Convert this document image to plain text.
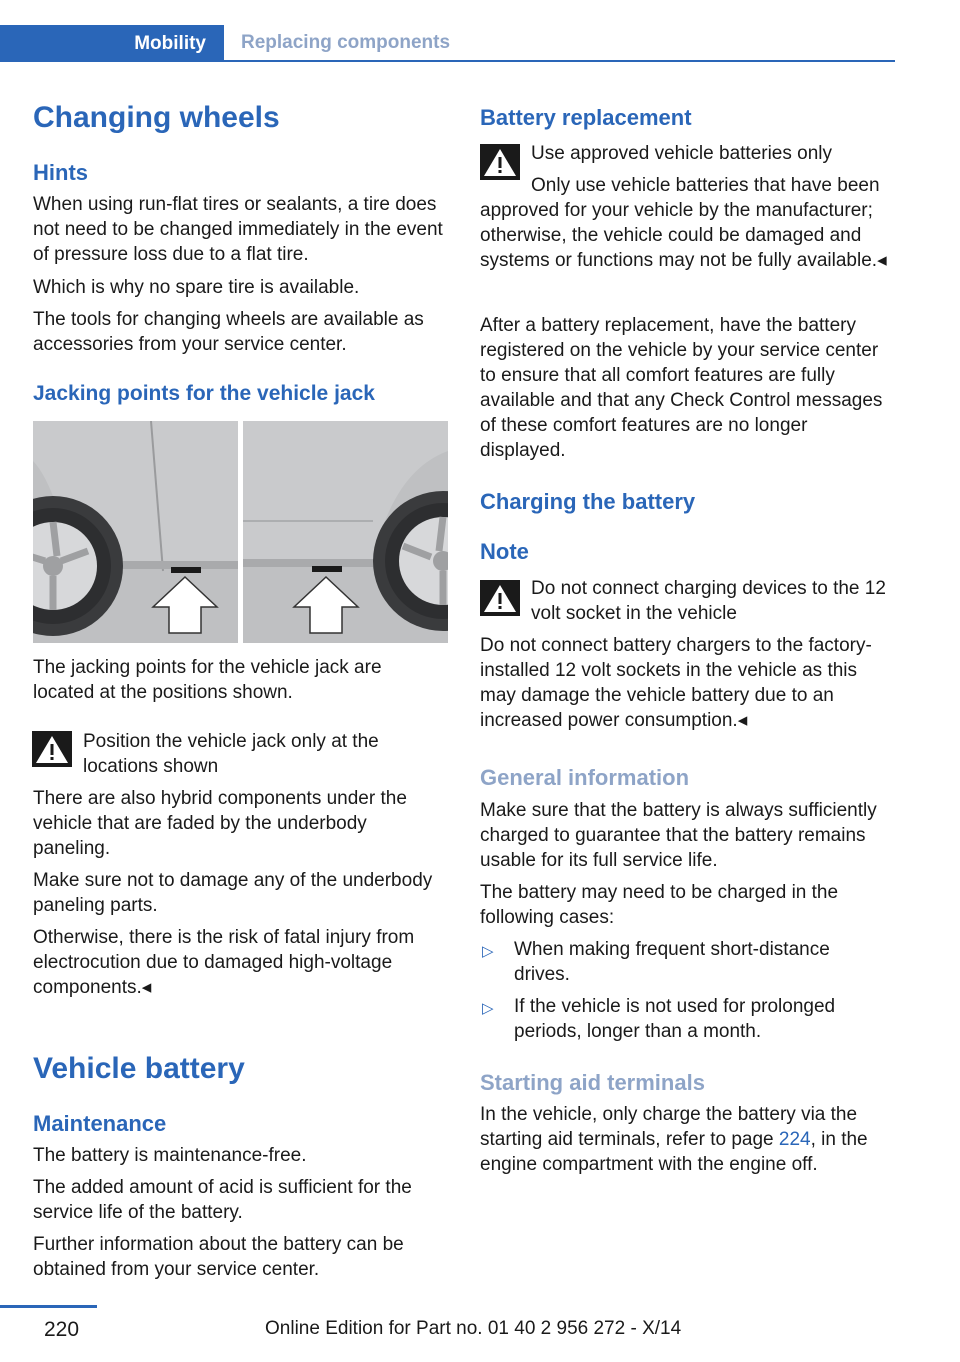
Mobility	Replacing components
Changing wheels
Hints
When using run-flat tires or sealants, a tire does not need to be changed immediately in the event of pressure loss due to a flat tire.
Which is why no spare tire is available.
The tools for changing wheels are available as accessories from your service center.
Jacking points for the vehicle jack
The jacking points for the vehicle jack are located at the positions shown.
Position the vehicle jack only at the locations shown
There are also hybrid components under the vehicle that are faded by the underbody paneling.
Make sure not to damage any of the underbody paneling parts.
Otherwise, there is the risk of fatal injury from electrocution due to damaged high-voltage components.◂
Vehicle battery
Maintenance
The battery is maintenance-free.
The added amount of acid is sufficient for the service life of the battery.
Further information about the battery can be obtained from your service center.
Battery replacement
Use approved vehicle batteries only
Only use vehicle batteries that have been approved for your vehicle by the manufacturer; otherwise, the vehicle could be damaged and systems or functions may not be fully available.◂
After a battery replacement, have the battery registered on the vehicle by your service center to ensure that all comfort features are fully available and that any Check Control messages of these comfort features are no longer displayed.
Charging the battery
Note
Do not connect charging devices to the 12 volt socket in the vehicle
Do not connect battery chargers to the factory-installed 12 volt sockets in the vehicle as this may damage the vehicle battery due to an increased power consumption.◂
General information
Make sure that the battery is always sufficiently charged to guarantee that the battery remains usable for its full service life.
The battery may need to be charged in the following cases:
▷ When making frequent short-distance drives.
▷ If the vehicle is not used for prolonged periods, longer than a month.
Starting aid terminals
In the vehicle, only charge the battery via the starting aid terminals, refer to page 224, in the engine compartment with the engine off.
220	Online Edition for Part no. 01 40 2 956 272 - X/14
